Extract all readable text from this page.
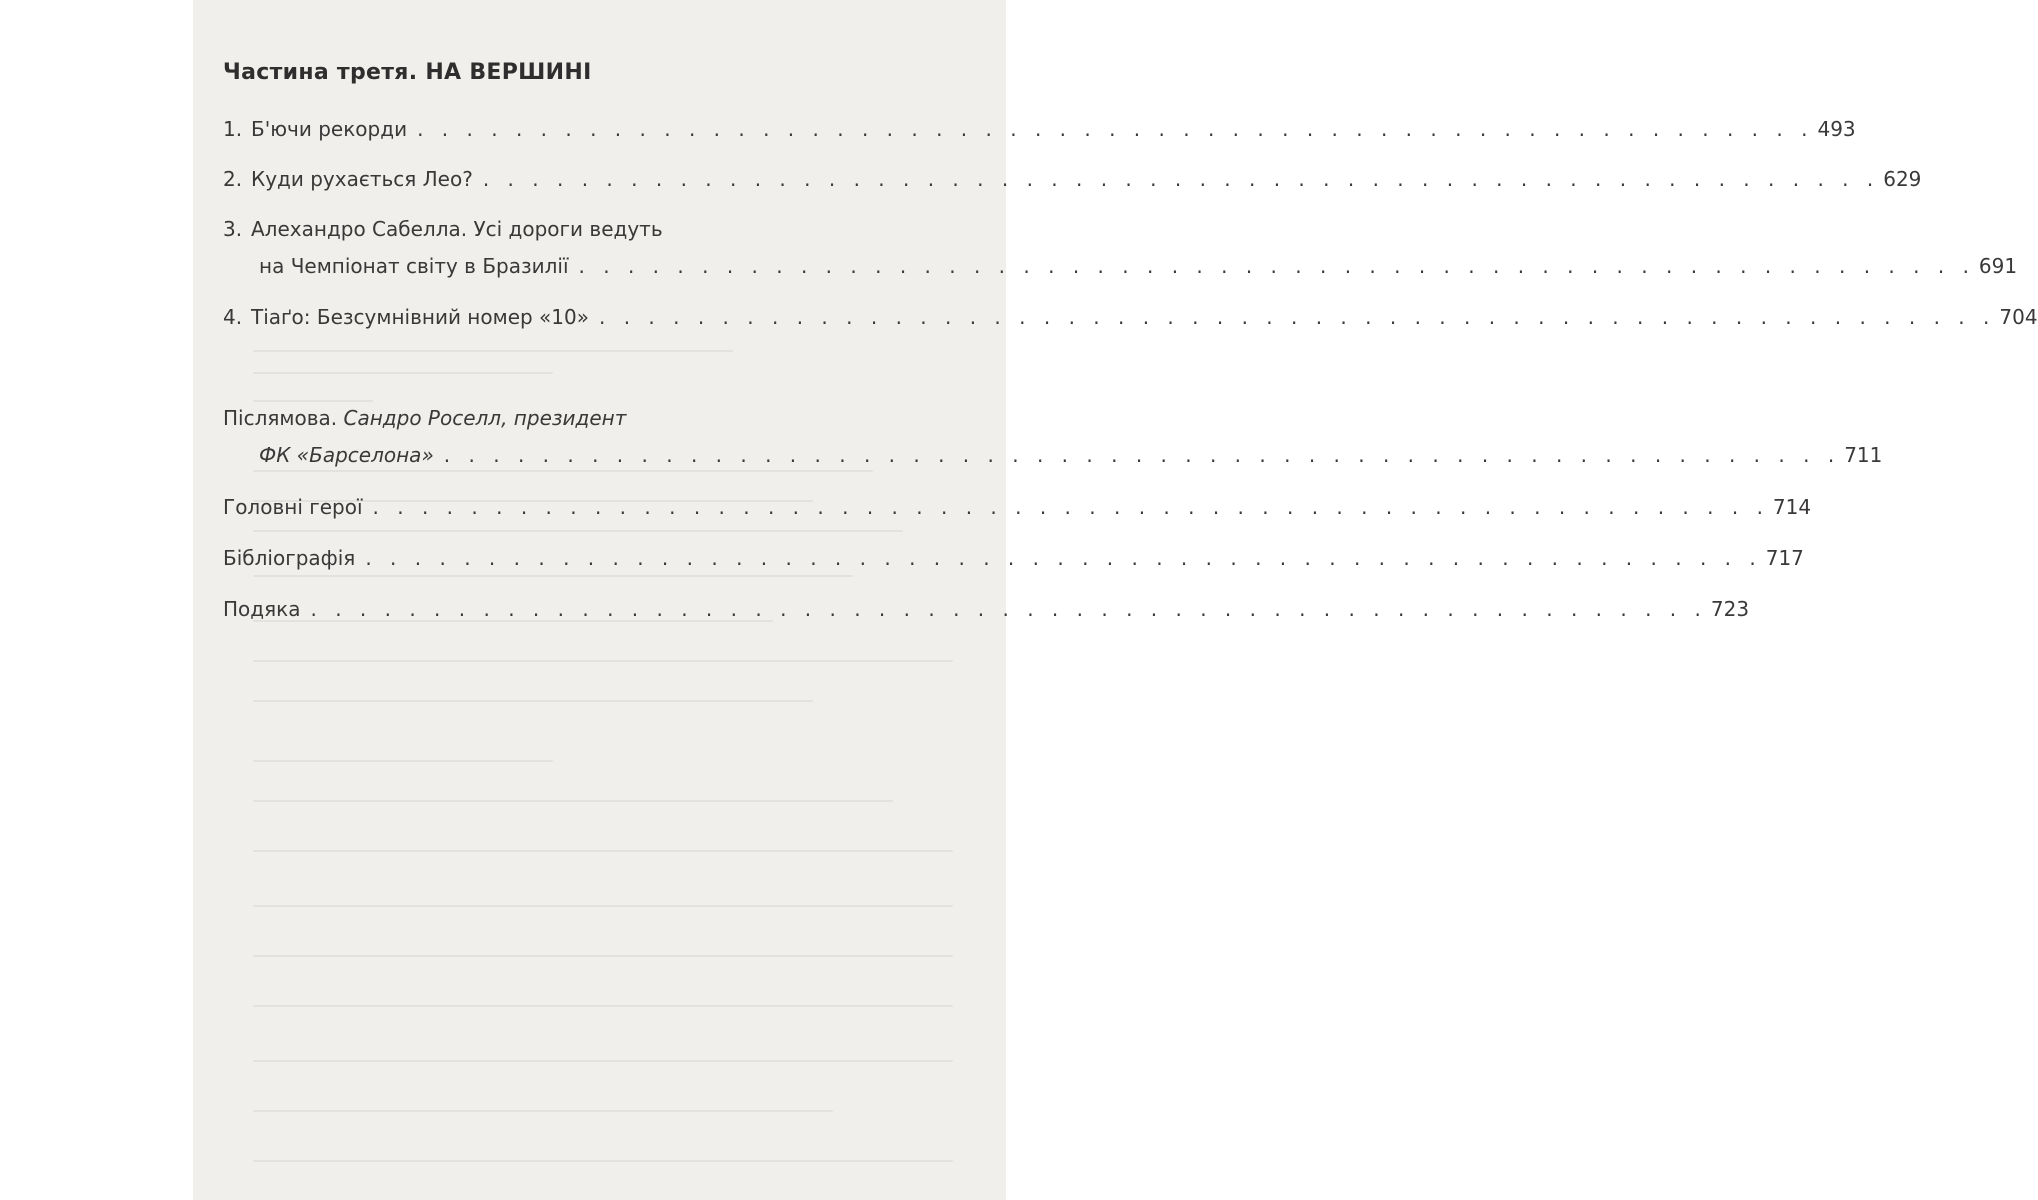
Частина третя. НА ВЕРШИНІ
1. Б'ючи рекорди . . . . . . . . . . . . . . . . . . . . . . . . . . . . . . . . . . . . . . . . . . . . . . . . . . . . . . . . . 493
2. Куди рухається Лео? . . . . . . . . . . . . . . . . . . . . . . . . . . . . . . . . . . . . . . . . . . . . . . . . . . . . . . . . . 629
3. Алехандро Сабелла. Усі дороги ведуть
на Чемпіонат світу в Бразилії . . . . . . . . . . . . . . . . . . . . . . . . . . . . . . . . . . . . . . . . . . . . . . . . . . . . . . . . . 691
4. Тіаґо: Безсумнівний номер «10» . . . . . . . . . . . . . . . . . . . . . . . . . . . . . . . . . . . . . . . . . . . . . . . . . . . . . . . . . 704
Післямова. Сандро Роселл, президент
ФК «Барселона» . . . . . . . . . . . . . . . . . . . . . . . . . . . . . . . . . . . . . . . . . . . . . . . . . . . . . . . . . 711
Головні герої . . . . . . . . . . . . . . . . . . . . . . . . . . . . . . . . . . . . . . . . . . . . . . . . . . . . . . . . . 714
Бібліографія . . . . . . . . . . . . . . . . . . . . . . . . . . . . . . . . . . . . . . . . . . . . . . . . . . . . . . . . . 717
Подяка . . . . . . . . . . . . . . . . . . . . . . . . . . . . . . . . . . . . . . . . . . . . . . . . . . . . . . . . . 723
